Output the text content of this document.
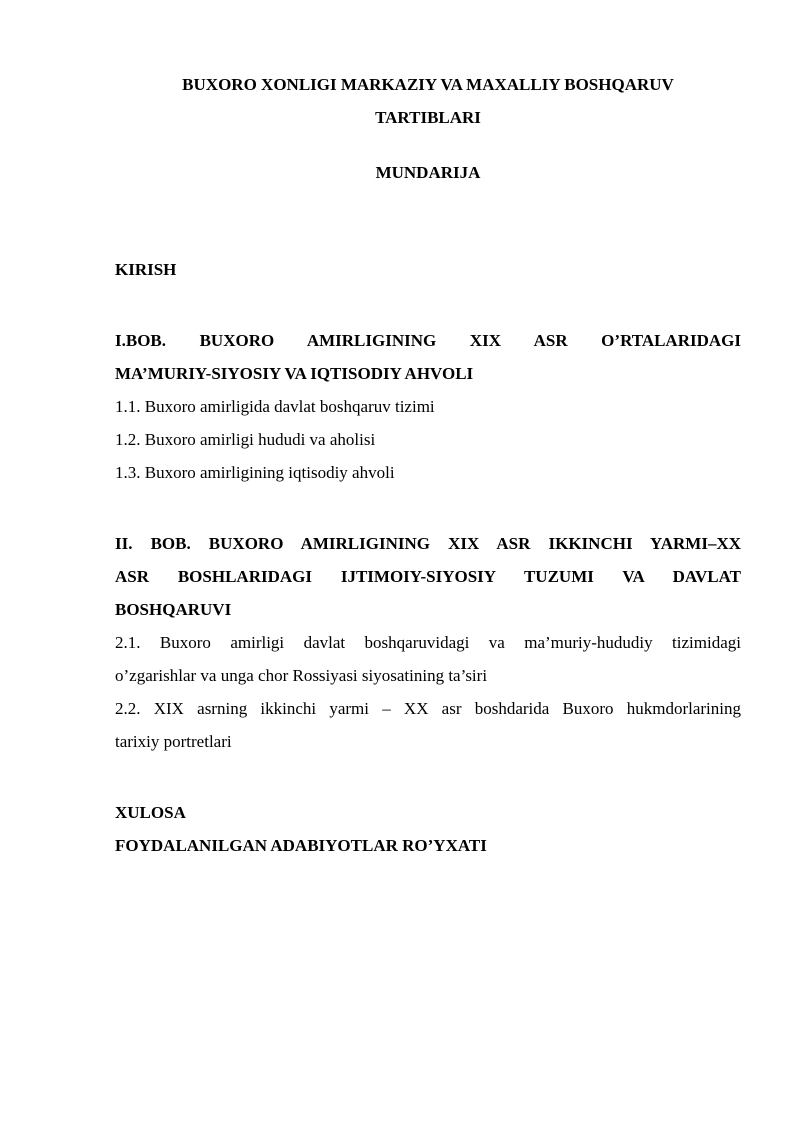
BUXORO XONLIGI MARKAZIY VA MAXALLIY BOSHQARUV
TARTIBLARI
MUNDARIJA
KIRISH
I.BOB. BUXORO AMIRLIGINING XIX ASR O’RTALARIDAGI
MA’MURIY-SIYOSIY VA IQTISODIY AHVOLI
1.1. Buxoro amirligida davlat boshqaruv tizimi
1.2. Buxoro amirligi hududi va aholisi
1.3. Buxoro amirligining iqtisodiy ahvoli
II. BOB. BUXORO AMIRLIGINING XIX ASR IKKINCHI YARMI–XX
ASR BOSHLARIDAGI IJTIMOIY-SIYOSIY TUZUMI VA DAVLAT
BOSHQARUVI
2.1. Buxoro amirligi davlat boshqaruvidagi va ma’muriy-hududiy tizimidagi
o’zgarishlar va unga chor Rossiyasi siyosatining ta’siri
2.2. XIX asrning ikkinchi yarmi – XX asr boshdarida Buxoro hukmdorlarining
tarixiy portretlari
XULOSA
FOYDALANILGAN ADABIYOTLAR RO’YXATI
